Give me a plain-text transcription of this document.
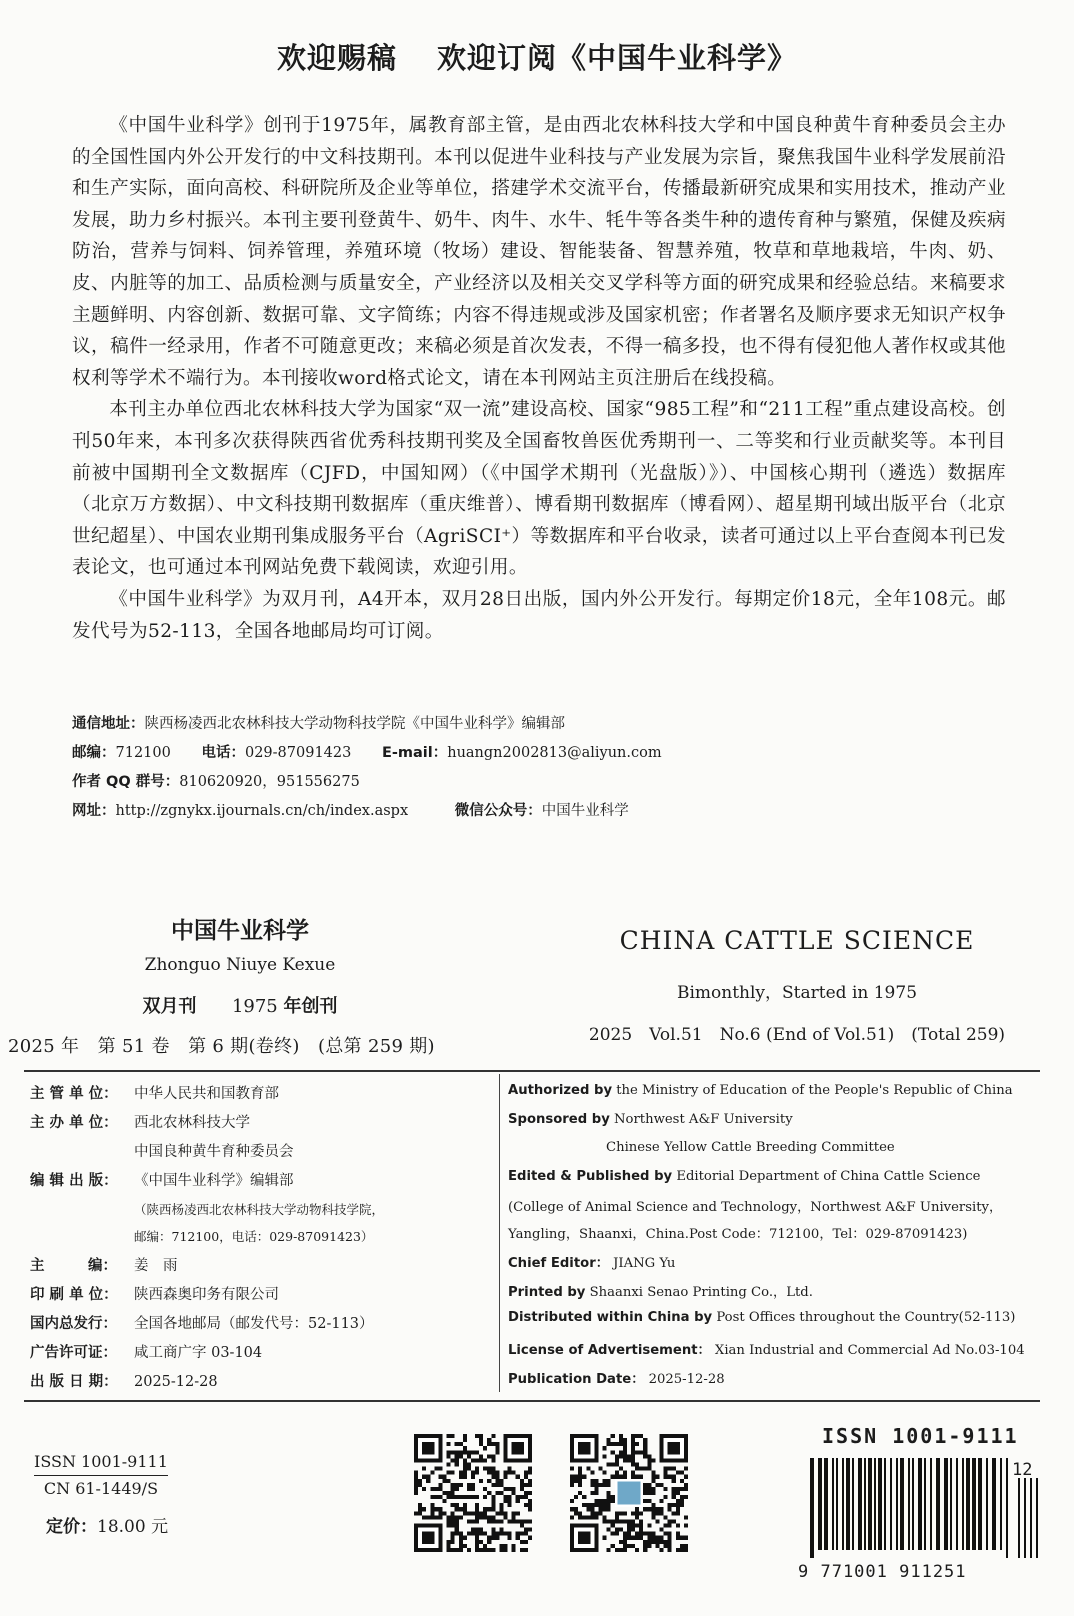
欢迎赐稿 欢迎订阅《中国牛业科学》

《中国牛业科学》创刊于1975年，属教育部主管，是由西北农林科技大学和中国良种黄牛育种委员会主办的全国性国内外公开发行的中文科技期刊。本刊以促进牛业科技与产业发展为宗旨，聚焦我国牛业科学发展前沿和生产实际，面向高校、科研院所及企业等单位，搭建学术交流平台，传播最新研究成果和实用技术，推动产业发展，助力乡村振兴。本刊主要刊登黄牛、奶牛、肉牛、水牛、牦牛等各类牛种的遗传育种与繁殖，保健及疾病防治，营养与饲料、饲养管理，养殖环境（牧场）建设、智能装备、智慧养殖，牧草和草地栽培，牛肉、奶、皮、内脏等的加工、品质检测与质量安全，产业经济以及相关交叉学科等方面的研究成果和经验总结。来稿要求主题鲜明、内容创新、数据可靠、文字简练；内容不得违规或涉及国家机密；作者署名及顺序要求无知识产权争议，稿件一经录用，作者不可随意更改；来稿必须是首次发表，不得一稿多投，也不得有侵犯他人著作权或其他权利等学术不端行为。本刊接收word格式论文，请在本刊网站主页注册后在线投稿。

本刊主办单位西北农林科技大学为国家“双一流”建设高校、国家“985工程”和“211工程”重点建设高校。创刊50年来，本刊多次获得陕西省优秀科技期刊奖及全国畜牧兽医优秀期刊一、二等奖和行业贡献奖等。本刊目前被中国期刊全文数据库（CJFD，中国知网）（《中国学术期刊（光盘版）》）、中国核心期刊（遴选）数据库（北京万方数据）、中文科技期刊数据库（重庆维普）、博看期刊数据库（博看网）、超星期刊域出版平台（北京世纪超星）、中国农业期刊集成服务平台（AgriSCI⁺）等数据库和平台收录，读者可通过以上平台查阅本刊已发表论文，也可通过本刊网站免费下载阅读，欢迎引用。

《中国牛业科学》为双月刊，A4开本，双月28日出版，国内外公开发行。每期定价18元，全年108元。邮发代号为52-113，全国各地邮局均可订阅。

通信地址：陕西杨凌西北农林科技大学动物科技学院《中国牛业科学》编辑部
邮编：712100 电话：029-87091423 E-mail：huangn2002813@aliyun.com
作者 QQ 群号：810620920，951556275
网址：http://zgnykx.ijournals.cn/ch/index.aspx	微信公众号：中国牛业科学
中国牛业科学
Zhonguo Niuye Kexue
双月刊 1975 年创刊
2025 年　第 51 卷　第 6 期(卷终)　(总第 259 期)
CHINA CATTLE SCIENCE
Bimonthly，Started in 1975
2025　Vol.51　No.6 (End of Vol.51)　(Total 259)
主 管 单 位： 中华人民共和国教育部
主 办 单 位： 西北农林科技大学
中国良种黄牛育种委员会
编 辑 出 版： 《中国牛业科学》编辑部
（陕西杨凌西北农林科技大学动物科技学院，
邮编：712100，电话：029-87091423）
主　　　编： 姜　雨
印 刷 单 位： 陕西森奥印务有限公司
国内总发行： 全国各地邮局（邮发代号：52-113）
广告许可证： 咸工商广字 03-104
出 版 日 期： 2025-12-28
Authorized by the Ministry of Education of the People's Republic of China
Sponsored by Northwest A&F University
Chinese Yellow Cattle Breeding Committee
Edited & Published by Editorial Department of China Cattle Science
(College of Animal Science and Technology，Northwest A&F University，
Yangling，Shaanxi，China.Post Code：712100，Tel：029-87091423)
Chief Editor： JIANG Yu
Printed by Shaanxi Senao Printing Co.，Ltd.
Distributed within China by Post Offices throughout the Country(52-113)
License of Advertisement： Xian Industrial and Commercial Ad No.03-104
Publication Date： 2025-12-28
ISSN 1001-9111
CN 61-1449/S
定价：18.00 元
ISSN 1001-9111
12
9 771001 911251
